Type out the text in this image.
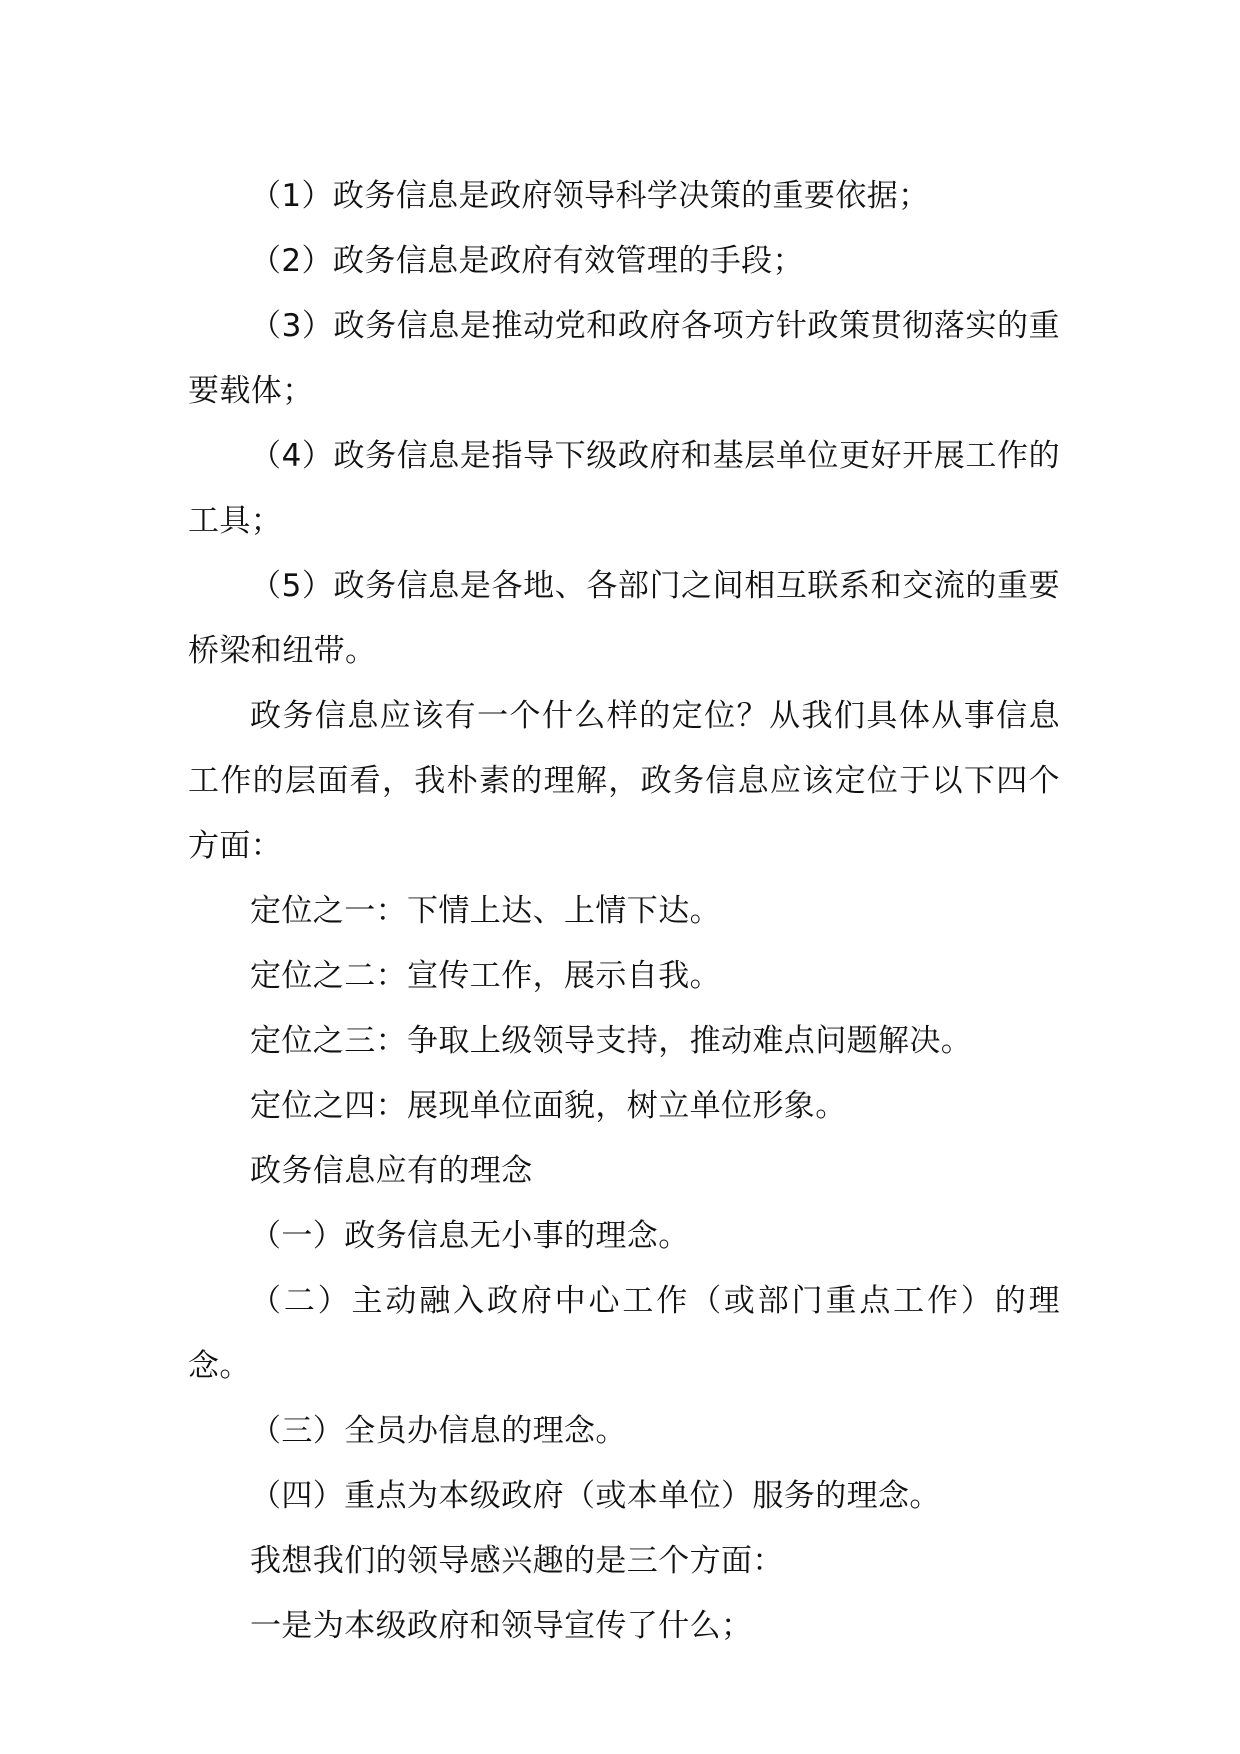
（1）政务信息是政府领导科学决策的重要依据；

（2）政务信息是政府有效管理的手段；

（3）政务信息是推动党和政府各项方针政策贯彻落实的重要载体；

（4）政务信息是指导下级政府和基层单位更好开展工作的工具；

（5）政务信息是各地、各部门之间相互联系和交流的重要桥梁和纽带。

政务信息应该有一个什么样的定位？从我们具体从事信息工作的层面看，我朴素的理解，政务信息应该定位于以下四个方面：

定位之一：下情上达、上情下达。

定位之二：宣传工作，展示自我。

定位之三：争取上级领导支持，推动难点问题解决。

定位之四：展现单位面貌，树立单位形象。

政务信息应有的理念

（一）政务信息无小事的理念。

（二）主动融入政府中心工作（或部门重点工作）的理念。

（三）全员办信息的理念。

（四）重点为本级政府（或本单位）服务的理念。

我想我们的领导感兴趣的是三个方面：

一是为本级政府和领导宣传了什么；
